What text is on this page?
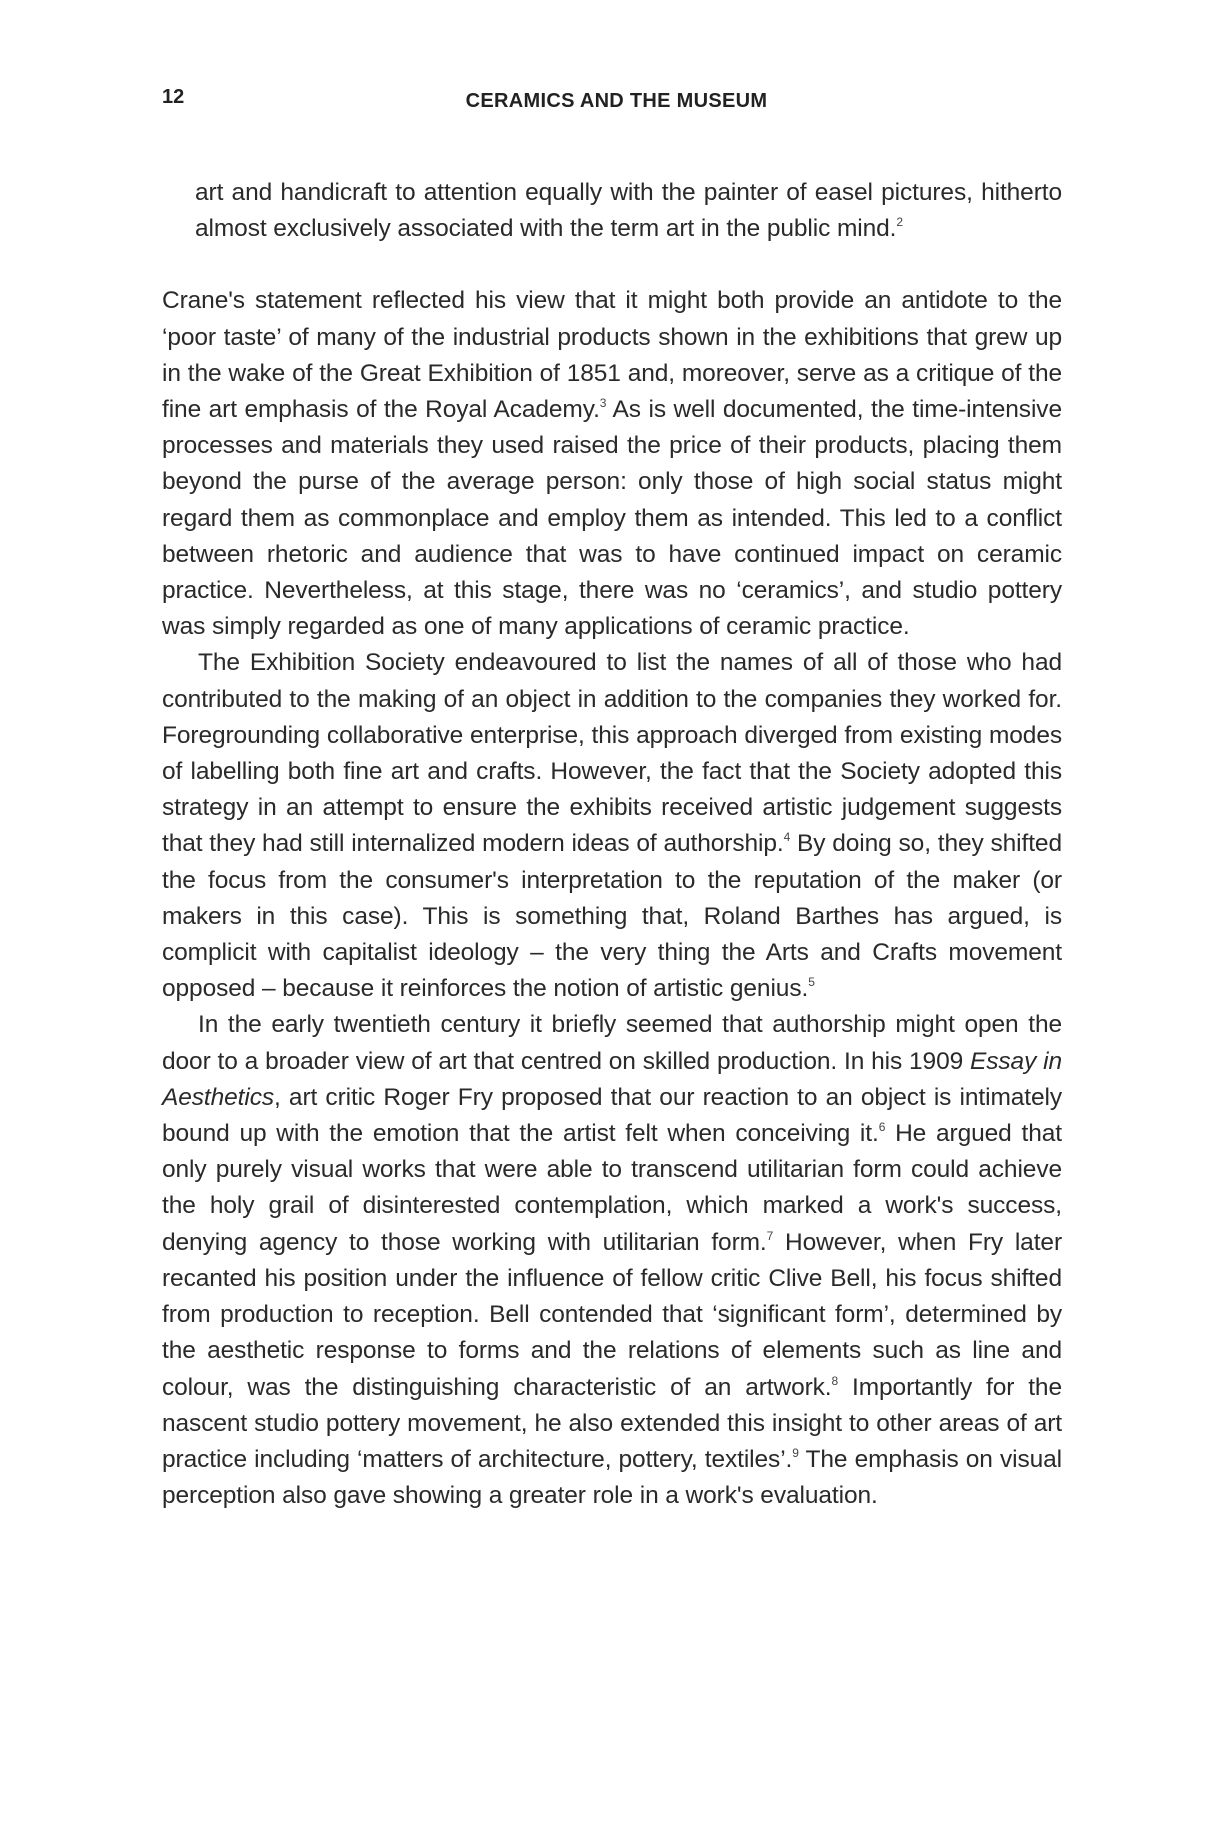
12	CERAMICS AND THE MUSEUM

art and handicraft to attention equally with the painter of easel pictures, hitherto almost exclusively associated with the term art in the public mind.$^2$

Crane's statement reflected his view that it might both provide an antidote to the ‘poor taste’ of many of the industrial products shown in the exhibitions that grew up in the wake of the Great Exhibition of 1851 and, moreover, serve as a critique of the fine art emphasis of the Royal Academy.$^3$ As is well documented, the time-intensive processes and materials they used raised the price of their products, placing them beyond the purse of the average person: only those of high social status might regard them as commonplace and employ them as intended. This led to a conflict between rhetoric and audience that was to have continued impact on ceramic practice. Nevertheless, at this stage, there was no ‘ceramics’, and studio pottery was simply regarded as one of many applications of ceramic practice.

The Exhibition Society endeavoured to list the names of all of those who had contributed to the making of an object in addition to the companies they worked for. Foregrounding collaborative enterprise, this approach diverged from existing modes of labelling both fine art and crafts. However, the fact that the Society adopted this strategy in an attempt to ensure the exhibits received artistic judgement suggests that they had still internalized modern ideas of authorship.$^4$ By doing so, they shifted the focus from the consumer's interpretation to the reputation of the maker (or makers in this case). This is something that, Roland Barthes has argued, is complicit with capitalist ideology – the very thing the Arts and Crafts movement opposed – because it reinforces the notion of artistic genius.$^5$

In the early twentieth century it briefly seemed that authorship might open the door to a broader view of art that centred on skilled production. In his 1909 Essay in Aesthetics, art critic Roger Fry proposed that our reaction to an object is intimately bound up with the emotion that the artist felt when conceiving it.$^6$ He argued that only purely visual works that were able to transcend utilitarian form could achieve the holy grail of disinterested contemplation, which marked a work's success, denying agency to those working with utilitarian form.$^7$ However, when Fry later recanted his position under the influence of fellow critic Clive Bell, his focus shifted from production to reception. Bell contended that ‘significant form’, determined by the aesthetic response to forms and the relations of elements such as line and colour, was the distinguishing characteristic of an artwork.$^8$ Importantly for the nascent studio pottery movement, he also extended this insight to other areas of art practice including ‘matters of architecture, pottery, textiles’.$^9$ The emphasis on visual perception also gave showing a greater role in a work's evaluation.
